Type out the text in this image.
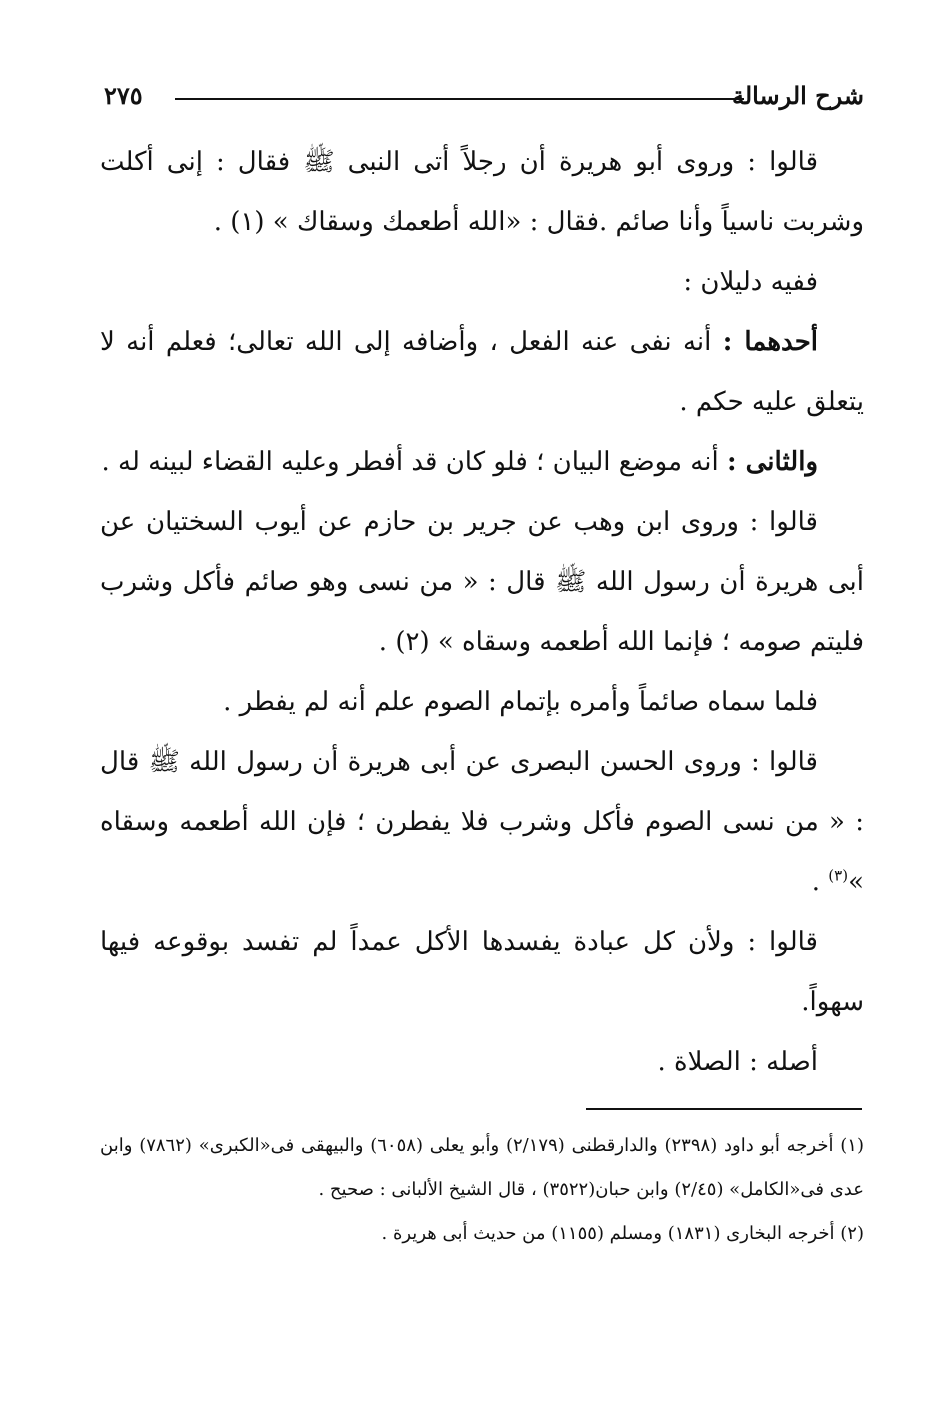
شرح الرسالة
٢٧٥

قالوا : وروى أبو هريرة أن رجلاً أتى النبى ﷺ فقال : إنى أكلت وشربت ناسياً وأنا صائم .فقال : «الله أطعمك وسقاك » (١) .

ففيه دليلان :

أحدهما : أنه نفى عنه الفعل ، وأضافه إلى الله تعالى؛ فعلم أنه لا يتعلق عليه حكم .

والثانى : أنه موضع البيان ؛ فلو كان قد أفطر وعليه القضاء لبينه له .

قالوا : وروى ابن وهب عن جرير بن حازم عن أيوب السختيان عن أبى هريرة أن رسول الله ﷺ قال : « من نسى وهو صائم فأكل وشرب فليتم صومه ؛ فإنما الله أطعمه وسقاه » (٢) .

فلما سماه صائماً وأمره بإتمام الصوم علم أنه لم يفطر .

قالوا : وروى الحسن البصرى عن أبى هريرة أن رسول الله ﷺ قال : « من نسى الصوم فأكل وشرب فلا يفطرن ؛ فإن الله أطعمه وسقاه »$^{(٣)}$ .

قالوا : ولأن كل عبادة يفسدها الأكل عمداً لم تفسد بوقوعه فيها سهواً.

أصله : الصلاة .

(١) أخرجه أبو داود (٢٣٩٨) والدارقطنى (٢/١٧٩) وأبو يعلى (٦٠٥٨) والبيهقى فى«الكبرى» (٧٨٦٢) وابن عدى فى«الكامل» (٢/٤٥) وابن حبان(٣٥٢٢) ، قال الشيخ الألبانى : صحيح .

(٢) أخرجه البخارى (١٨٣١) ومسلم (١١٥٥) من حديث أبى هريرة .
